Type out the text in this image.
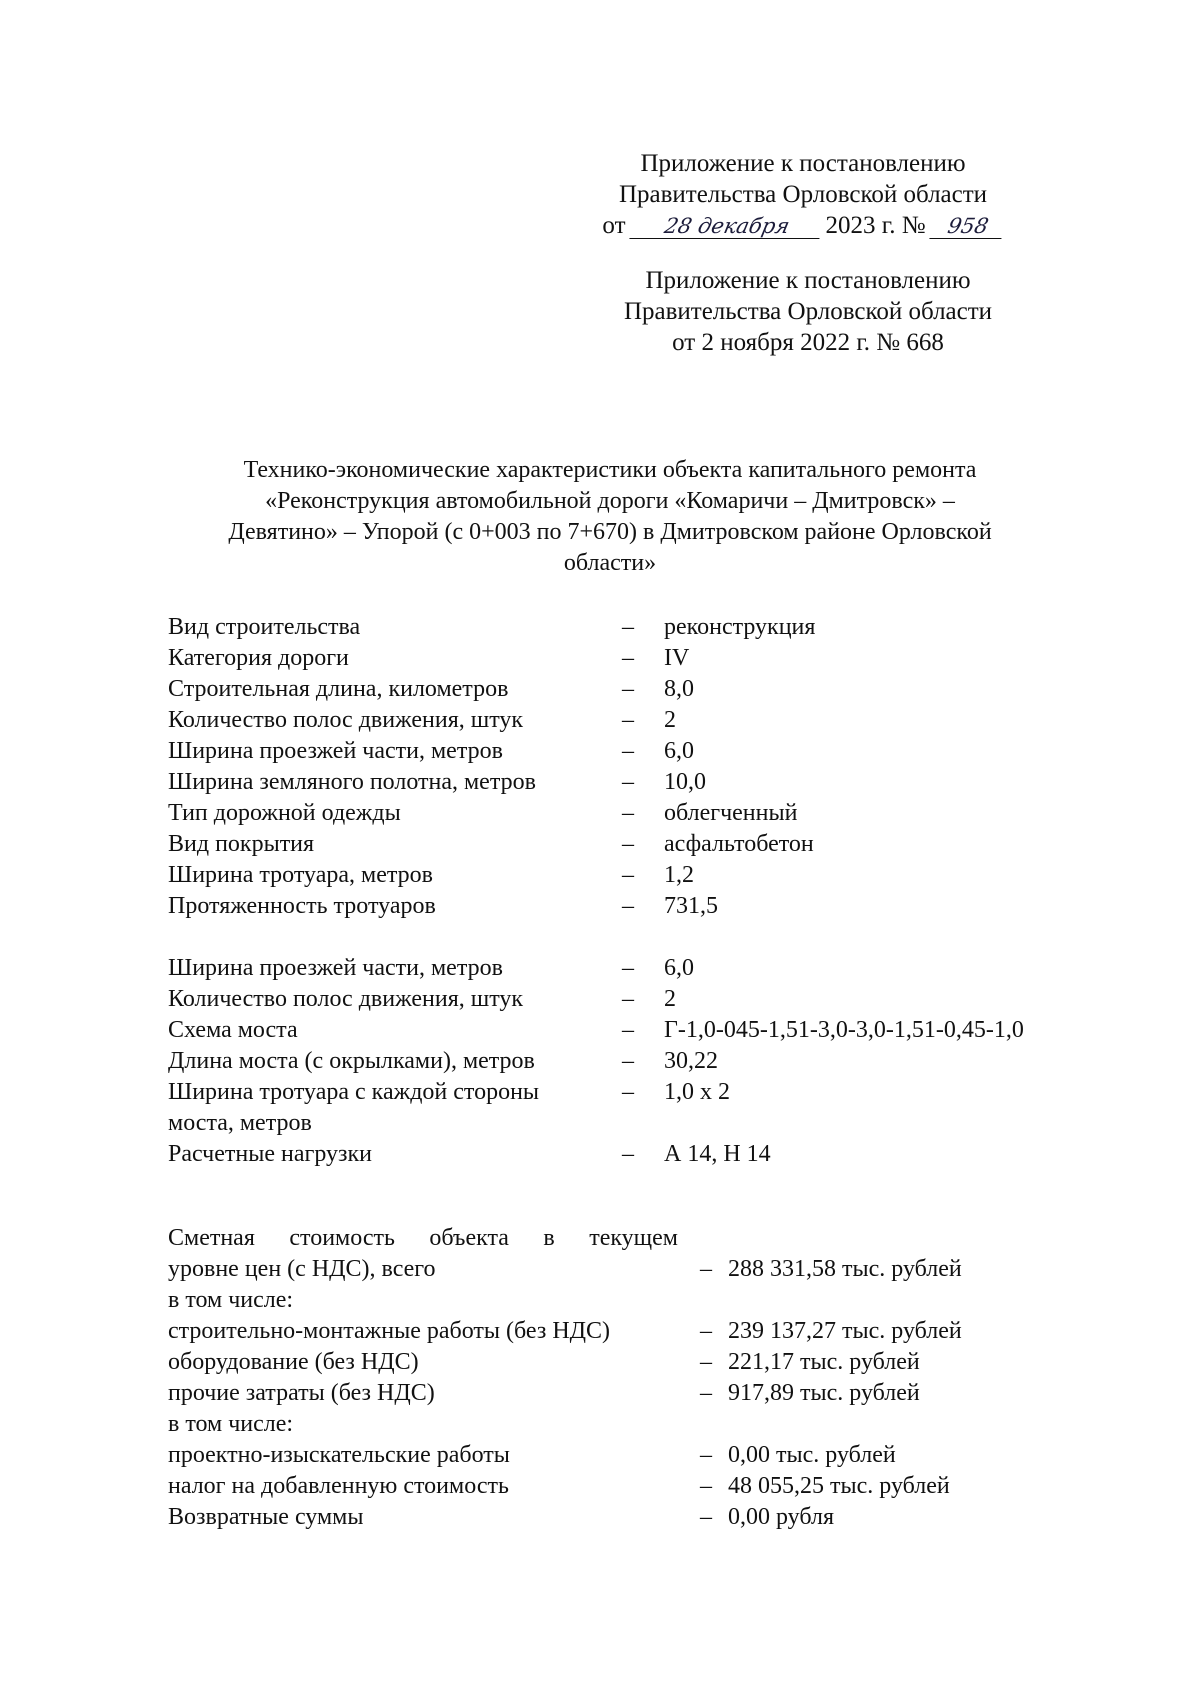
Приложение к постановлению
Правительства Орловской области
от 28 декабря 2023 г. № 958
Приложение к постановлению
Правительства Орловской области
от 2 ноября 2022 г. № 668
Технико-экономические характеристики объекта капитального ремонта
«Реконструкция автомобильной дороги «Комаричи – Дмитровск» –
Девятино» – Упорой (с 0+003 по 7+670) в Дмитровском районе Орловской
области»
Вид строительства	– реконструкция
Категория дороги	– IV
Строительная длина, километров	– 8,0
Количество полос движения, штук	– 2
Ширина проезжей части, метров	– 6,0
Ширина земляного полотна, метров	– 10,0
Тип дорожной одежды	– облегченный
Вид покрытия	– асфальтобетон
Ширина тротуара, метров	– 1,2
Протяженность тротуаров	– 731,5
Ширина проезжей части, метров	– 6,0
Количество полос движения, штук	– 2
Схема моста	– Г-1,0-045-1,51-3,0-3,0-1,51-0,45-1,0
Длина моста (с окрылками), метров	– 30,22
Ширина тротуара с каждой стороны	– 1,0 х 2
моста, метров
Расчетные нагрузки	– А 14, Н 14
Сметная стоимость объекта в текущем
уровне цен (с НДС), всего	– 288 331,58 тыс. рублей
в том числе:
строительно-монтажные работы (без НДС)	– 239 137,27 тыс. рублей
оборудование (без НДС)	– 221,17 тыс. рублей
прочие затраты (без НДС)	– 917,89 тыс. рублей
в том числе:
проектно-изыскательские работы	– 0,00 тыс. рублей
налог на добавленную стоимость	– 48 055,25 тыс. рублей
Возвратные суммы	– 0,00 рубля
